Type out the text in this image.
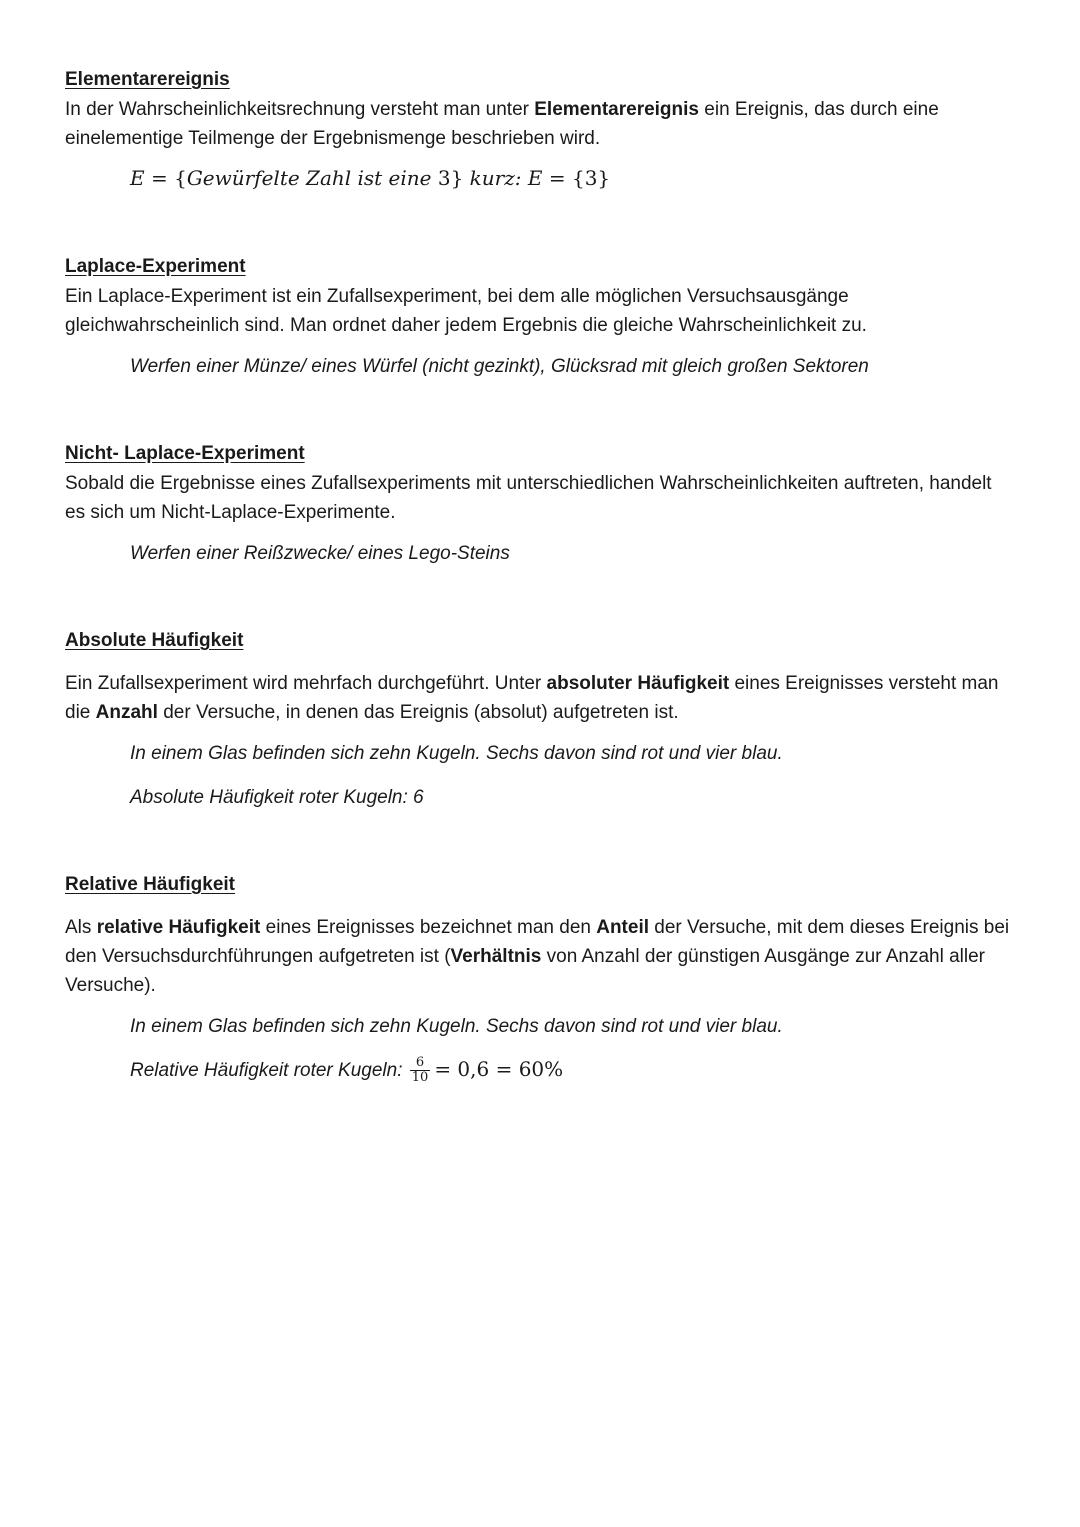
Elementarereignis

In der Wahrscheinlichkeitsrechnung versteht man unter Elementarereignis ein Ereignis, das durch eine einelementige Teilmenge der Ergebnismenge beschrieben wird.

E = {Gewürfelte Zahl ist eine 3} kurz: E = {3}

Laplace-Experiment

Ein Laplace-Experiment ist ein Zufallsexperiment, bei dem alle möglichen Versuchsausgänge gleichwahrscheinlich sind. Man ordnet daher jedem Ergebnis die gleiche Wahrscheinlichkeit zu.

Werfen einer Münze/ eines Würfel (nicht gezinkt), Glücksrad mit gleich großen Sektoren

Nicht- Laplace-Experiment

Sobald die Ergebnisse eines Zufallsexperiments mit unterschiedlichen Wahrscheinlichkeiten auftreten, handelt es sich um Nicht-Laplace-Experimente.

Werfen einer Reißzwecke/ eines Lego-Steins

Absolute Häufigkeit

Ein Zufallsexperiment wird mehrfach durchgeführt. Unter absoluter Häufigkeit eines Ereignisses versteht man die Anzahl der Versuche, in denen das Ereignis (absolut) aufgetreten ist.

In einem Glas befinden sich zehn Kugeln. Sechs davon sind rot und vier blau.

Absolute Häufigkeit roter Kugeln: 6

Relative Häufigkeit

Als relative Häufigkeit eines Ereignisses bezeichnet man den Anteil der Versuche, mit dem dieses Ereignis bei den Versuchsdurchführungen aufgetreten ist (Verhältnis von Anzahl der günstigen Ausgänge zur Anzahl aller Versuche).

In einem Glas befinden sich zehn Kugeln. Sechs davon sind rot und vier blau.

Relative Häufigkeit roter Kugeln: $\frac{6}{10} = 0,6 = 60\%$
